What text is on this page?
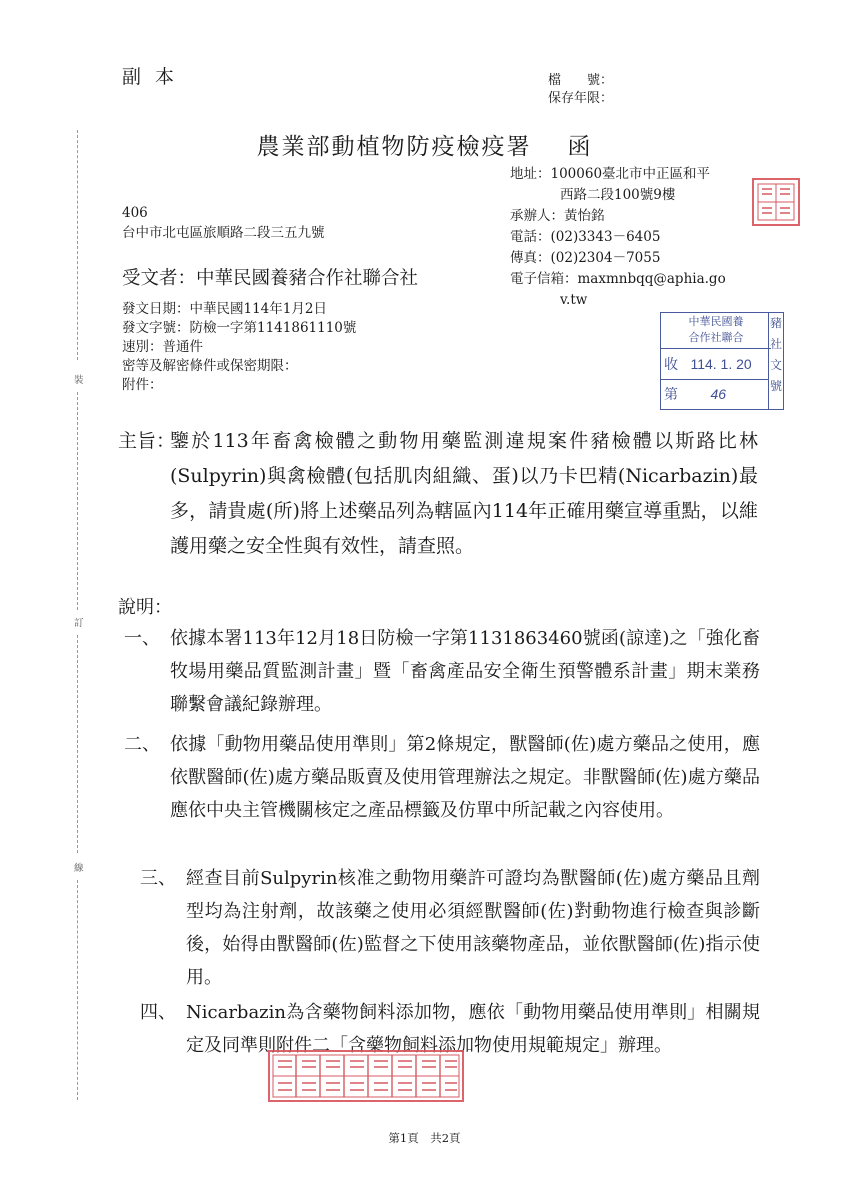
副本	檔　　號：
保存年限：
農業部動植物防疫檢疫署 函
地址：100060臺北市中正區和平
西路二段100號9樓
承辦人：黃怡銘
電話：(02)3343－6405
傳真：(02)2304－7055
電子信箱：maxmnbqq@aphia.go
v.tw
406
台中市北屯區旅順路二段三五九號
受文者：中華民國養豬合作社聯合社
發文日期：中華民國114年1月2日
發文字號：防檢一字第1141861110號
速別：普通件
密等及解密條件或保密期限：
附件：
中華民國養
合作社聯合
豬
社
文
號
收 114. 1. 20
第 46
主旨：
鑒於113年畜禽檢體之動物用藥監測違規案件豬檢體以斯路比林(Sulpyrin)與禽檢體(包括肌肉組織、蛋)以乃卡巴精(Nicarbazin)最多，請貴處(所)將上述藥品列為轄區內114年正確用藥宣導重點，以維護用藥之安全性與有效性，請查照。
說明：
一、 依據本署113年12月18日防檢一字第1131863460號函(諒達)之「強化畜牧場用藥品質監測計畫」暨「畜禽產品安全衛生預警體系計畫」期末業務聯繫會議紀錄辦理。
二、 依據「動物用藥品使用準則」第2條規定，獸醫師(佐)處方藥品之使用，應依獸醫師(佐)處方藥品販賣及使用管理辦法之規定。非獸醫師(佐)處方藥品應依中央主管機關核定之產品標籤及仿單中所記載之內容使用。
三、 經查目前Sulpyrin核准之動物用藥許可證均為獸醫師(佐)處方藥品且劑型均為注射劑，故該藥之使用必須經獸醫師(佐)對動物進行檢查與診斷後，始得由獸醫師(佐)監督之下使用該藥物產品，並依獸醫師(佐)指示使用。
四、 Nicarbazin為含藥物飼料添加物，應依「動物用藥品使用準則」相關規定及同準則附件二「含藥物飼料添加物使用規範規定」辦理。
裝
訂
線
第1頁　共2頁
